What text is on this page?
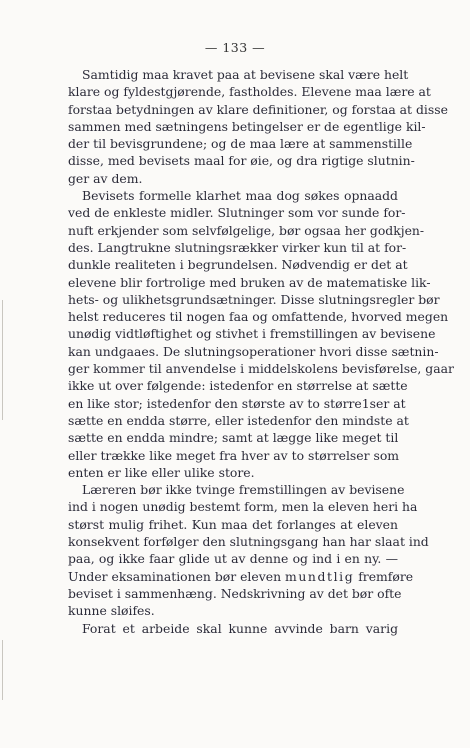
— 133 —
Samtidig maa kravet paa at bevisene skal være helt
klare og fyldestgjørende, fastholdes. Elevene maa lære at
forstaa betydningen av klare definitioner, og forstaa at disse
sammen med sætningens betingelser er de egentlige kil-
der til bevisgrundene; og de maa lære at sammenstille
disse, med bevisets maal for øie, og dra rigtige slutnin-
ger av dem.
Bevisets formelle klarhet maa dog søkes opnaadd
ved de enkleste midler. Slutninger som vor sunde for-
nuft erkjender som selvfølgelige, bør ogsaa her godkjen-
des. Langtrukne slutningsrækker virker kun til at for-
dunkle realiteten i begrundelsen. Nødvendig er det at
elevene blir fortrolige med bruken av de matematiske lik-
hets- og ulikhetsgrundsætninger. Disse slutningsregler bør
helst reduceres til nogen faa og omfattende, hvorved megen
unødig vidtløftighet og stivhet i fremstillingen av bevisene
kan undgaaes. De slutningsoperationer hvori disse sætnin-
ger kommer til anvendelse i middelskolens bevisførelse, gaar
ikke ut over følgende: istedenfor en størrelse at sætte
en like stor; istedenfor den største av to større1ser at
sætte en endda større, eller istedenfor den mindste at
sætte en endda mindre; samt at lægge like meget til
eller trække like meget fra hver av to størrelser som
enten er like eller ulike store.
Læreren bør ikke tvinge fremstillingen av bevisene
ind i nogen unødig bestemt form, men la eleven heri ha
størst mulig frihet. Kun maa det forlanges at eleven
konsekvent forfølger den slutningsgang han har slaat ind
paa, og ikke faar glide ut av denne og ind i en ny. —
Under eksaminationen bør eleven mundtlig fremføre
beviset i sammenhæng. Nedskrivning av det bør ofte
kunne sløifes.
Forat et arbeide skal kunne avvinde barn varig
